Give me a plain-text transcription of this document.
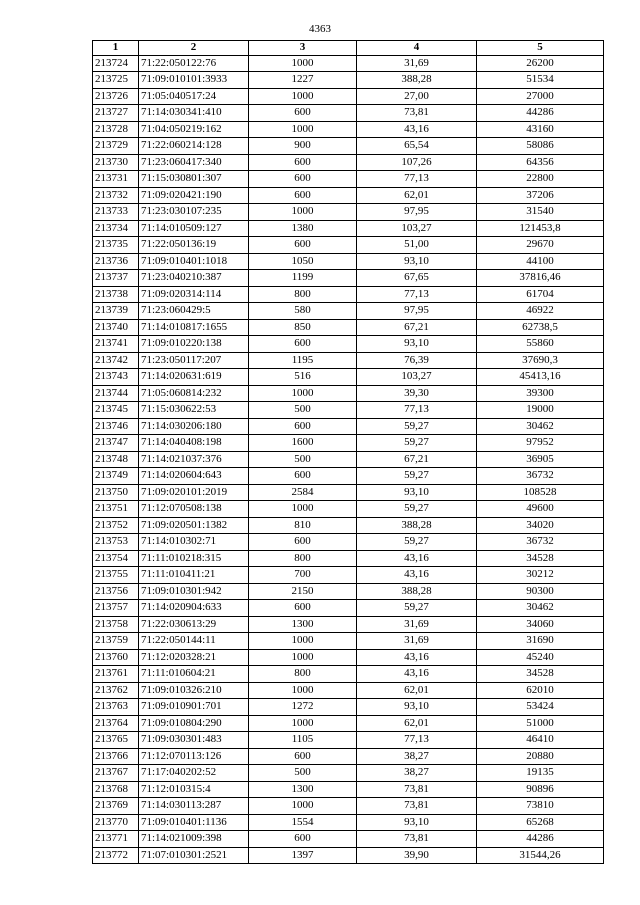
4363
1	2	3	4	5
213724	71:22:050122:76	1000	31,69	26200
213725	71:09:010101:3933	1227	388,28	51534
213726	71:05:040517:24	1000	27,00	27000
213727	71:14:030341:410	600	73,81	44286
213728	71:04:050219:162	1000	43,16	43160
213729	71:22:060214:128	900	65,54	58086
213730	71:23:060417:340	600	107,26	64356
213731	71:15:030801:307	600	77,13	22800
213732	71:09:020421:190	600	62,01	37206
213733	71:23:030107:235	1000	97,95	31540
213734	71:14:010509:127	1380	103,27	121453,8
213735	71:22:050136:19	600	51,00	29670
213736	71:09:010401:1018	1050	93,10	44100
213737	71:23:040210:387	1199	67,65	37816,46
213738	71:09:020314:114	800	77,13	61704
213739	71:23:060429:5	580	97,95	46922
213740	71:14:010817:1655	850	67,21	62738,5
213741	71:09:010220:138	600	93,10	55860
213742	71:23:050117:207	1195	76,39	37690,3
213743	71:14:020631:619	516	103,27	45413,16
213744	71:05:060814:232	1000	39,30	39300
213745	71:15:030622:53	500	77,13	19000
213746	71:14:030206:180	600	59,27	30462
213747	71:14:040408:198	1600	59,27	97952
213748	71:14:021037:376	500	67,21	36905
213749	71:14:020604:643	600	59,27	36732
213750	71:09:020101:2019	2584	93,10	108528
213751	71:12:070508:138	1000	59,27	49600
213752	71:09:020501:1382	810	388,28	34020
213753	71:14:010302:71	600	59,27	36732
213754	71:11:010218:315	800	43,16	34528
213755	71:11:010411:21	700	43,16	30212
213756	71:09:010301:942	2150	388,28	90300
213757	71:14:020904:633	600	59,27	30462
213758	71:22:030613:29	1300	31,69	34060
213759	71:22:050144:11	1000	31,69	31690
213760	71:12:020328:21	1000	43,16	45240
213761	71:11:010604:21	800	43,16	34528
213762	71:09:010326:210	1000	62,01	62010
213763	71:09:010901:701	1272	93,10	53424
213764	71:09:010804:290	1000	62,01	51000
213765	71:09:030301:483	1105	77,13	46410
213766	71:12:070113:126	600	38,27	20880
213767	71:17:040202:52	500	38,27	19135
213768	71:12:010315:4	1300	73,81	90896
213769	71:14:030113:287	1000	73,81	73810
213770	71:09:010401:1136	1554	93,10	65268
213771	71:14:021009:398	600	73,81	44286
213772	71:07:010301:2521	1397	39,90	31544,26
